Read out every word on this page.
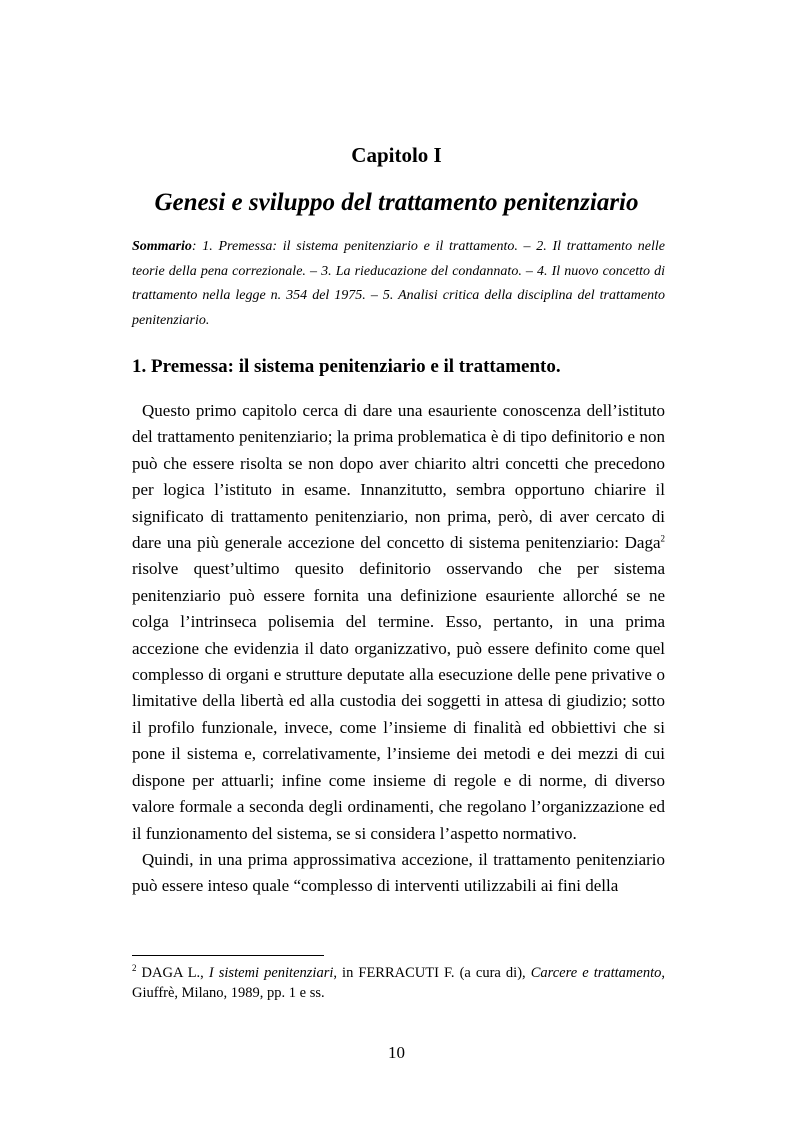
Capitolo I
Genesi e sviluppo del trattamento penitenziario
Sommario: 1. Premessa: il sistema penitenziario e il trattamento. – 2. Il trattamento nelle teorie della pena correzionale. – 3. La rieducazione del condannato. – 4. Il nuovo concetto di trattamento nella legge n. 354 del 1975. – 5. Analisi critica della disciplina del trattamento penitenziario.
1. Premessa: il sistema penitenziario e il trattamento.

Questo primo capitolo cerca di dare una esauriente conoscenza dell’istituto del trattamento penitenziario; la prima problematica è di tipo definitorio e non può che essere risolta se non dopo aver chiarito altri concetti che precedono per logica l’istituto in esame. Innanzitutto, sembra opportuno chiarire il significato di trattamento penitenziario, non prima, però, di aver cercato di dare una più generale accezione del concetto di sistema penitenziario: Daga$^2$ risolve quest’ultimo quesito definitorio osservando che per sistema penitenziario può essere fornita una definizione esauriente allorché se ne colga l’intrinseca polisemia del termine. Esso, pertanto, in una prima accezione che evidenzia il dato organizzativo, può essere definito come quel complesso di organi e strutture deputate alla esecuzione delle pene privative o limitative della libertà ed alla custodia dei soggetti in attesa di giudizio; sotto il profilo funzionale, invece, come l’insieme di finalità ed obbiettivi che si pone il sistema e, correlativamente, l’insieme dei metodi e dei mezzi di cui dispone per attuarli; infine come insieme di regole e di norme, di diverso valore formale a seconda degli ordinamenti, che regolano l’organizzazione ed il funzionamento del sistema, se si considera l’aspetto normativo.

Quindi, in una prima approssimativa accezione, il trattamento penitenziario può essere inteso quale “complesso di interventi utilizzabili ai fini della

$^2$ DAGA L., I sistemi penitenziari, in FERRACUTI F. (a cura di), Carcere e trattamento, Giuffrè, Milano, 1989, pp. 1 e ss.
10
